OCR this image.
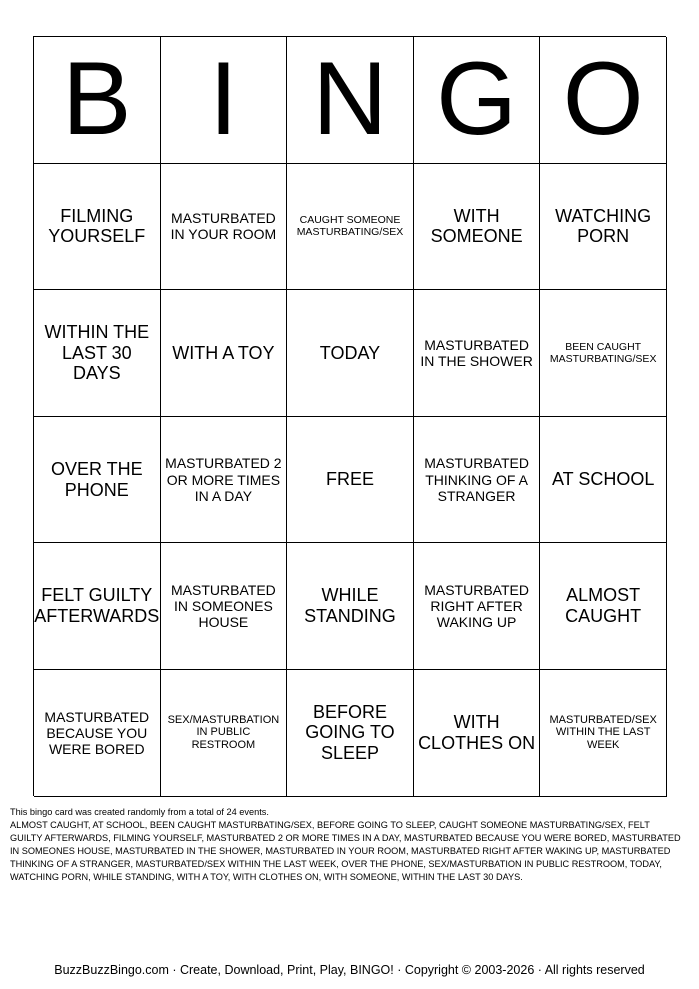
B I N G O
FILMING YOURSELF
MASTURBATED IN YOUR ROOM
CAUGHT SOMEONE MASTURBATING/SEX
WITH SOMEONE
WATCHING PORN
WITHIN THE LAST 30 DAYS
WITH A TOY	TODAY	MASTURBATED IN THE SHOWER
BEEN CAUGHT MASTURBATING/SEX
OVER THE PHONE
MASTURBATED 2 OR MORE TIMES IN A DAY
FREE
MASTURBATED THINKING OF A STRANGER
AT SCHOOL
FELT GUILTY AFTERWARDS
MASTURBATED IN SOMEONES HOUSE
WHILE STANDING
MASTURBATED RIGHT AFTER WAKING UP
ALMOST CAUGHT
MASTURBATED BECAUSE YOU WERE BORED
SEX/MASTURBATION IN PUBLIC RESTROOM
BEFORE GOING TO SLEEP
WITH CLOTHES ON
MASTURBATED/SEX WITHIN THE LAST WEEK

This bingo card was created randomly from a total of 24 events.

ALMOST CAUGHT, AT SCHOOL, BEEN CAUGHT MASTURBATING/SEX, BEFORE GOING TO SLEEP, CAUGHT SOMEONE MASTURBATING/SEX, FELT GUILTY AFTERWARDS, FILMING YOURSELF, MASTURBATED 2 OR MORE TIMES IN A DAY, MASTURBATED BECAUSE YOU WERE BORED, MASTURBATED IN SOMEONES HOUSE, MASTURBATED IN THE SHOWER, MASTURBATED IN YOUR ROOM, MASTURBATED RIGHT AFTER WAKING UP, MASTURBATED THINKING OF A STRANGER, MASTURBATED/SEX WITHIN THE LAST WEEK, OVER THE PHONE, SEX/MASTURBATION IN PUBLIC RESTROOM, TODAY, WATCHING PORN, WHILE STANDING, WITH A TOY, WITH CLOTHES ON, WITH SOMEONE, WITHIN THE LAST 30 DAYS.

BuzzBuzzBingo.com · Create, Download, Print, Play, BINGO! · Copyright © 2003-2026 · All rights reserved
